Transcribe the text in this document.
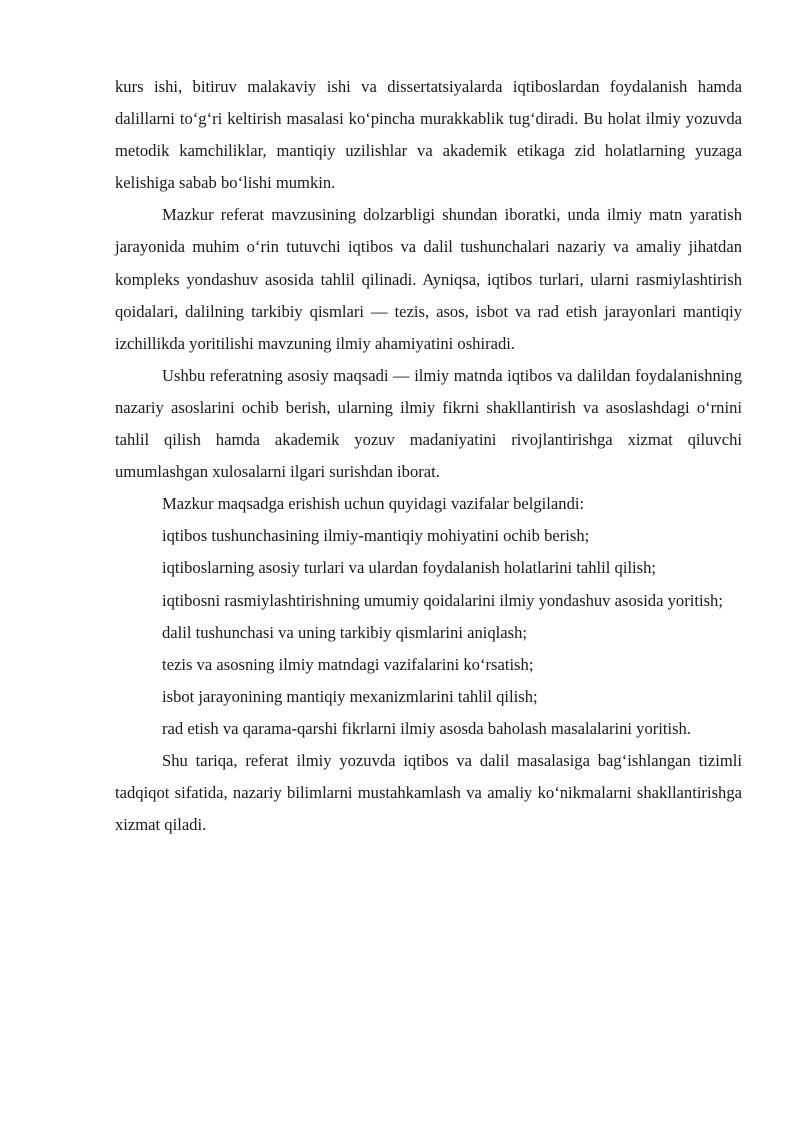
kurs ishi, bitiruv malakaviy ishi va dissertatsiyalarda iqtiboslardan foydalanish hamda dalillarni to‘g‘ri keltirish masalasi ko‘pincha murakkablik tug‘diradi. Bu holat ilmiy yozuvda metodik kamchiliklar, mantiqiy uzilishlar va akademik etikaga zid holatlarning yuzaga kelishiga sabab bo‘lishi mumkin.

Mazkur referat mavzusining dolzarbligi shundan iboratki, unda ilmiy matn yaratish jarayonida muhim o‘rin tutuvchi iqtibos va dalil tushunchalari nazariy va amaliy jihatdan kompleks yondashuv asosida tahlil qilinadi. Ayniqsa, iqtibos turlari, ularni rasmiylashtirish qoidalari, dalilning tarkibiy qismlari — tezis, asos, isbot va rad etish jarayonlari mantiqiy izchillikda yoritilishi mavzuning ilmiy ahamiyatini oshiradi.

Ushbu referatning asosiy maqsadi — ilmiy matnda iqtibos va dalildan foydalanishning nazariy asoslarini ochib berish, ularning ilmiy fikrni shakllantirish va asoslashdagi o‘rnini tahlil qilish hamda akademik yozuv madaniyatini rivojlantirishga xizmat qiluvchi umumlashgan xulosalarni ilgari surishdan iborat.

Mazkur maqsadga erishish uchun quyidagi vazifalar belgilandi:

iqtibos tushunchasining ilmiy-mantiqiy mohiyatini ochib berish;

iqtiboslarning asosiy turlari va ulardan foydalanish holatlarini tahlil qilish;

iqtibosni rasmiylashtirishning umumiy qoidalarini ilmiy yondashuv asosida yoritish;

dalil tushunchasi va uning tarkibiy qismlarini aniqlash;

tezis va asosning ilmiy matndagi vazifalarini ko‘rsatish;

isbot jarayonining mantiqiy mexanizmlarini tahlil qilish;

rad etish va qarama-qarshi fikrlarni ilmiy asosda baholash masalalarini yoritish.

Shu tariqa, referat ilmiy yozuvda iqtibos va dalil masalasiga bag‘ishlangan tizimli tadqiqot sifatida, nazariy bilimlarni mustahkamlash va amaliy ko‘nikmalarni shakllantirishga xizmat qiladi.
